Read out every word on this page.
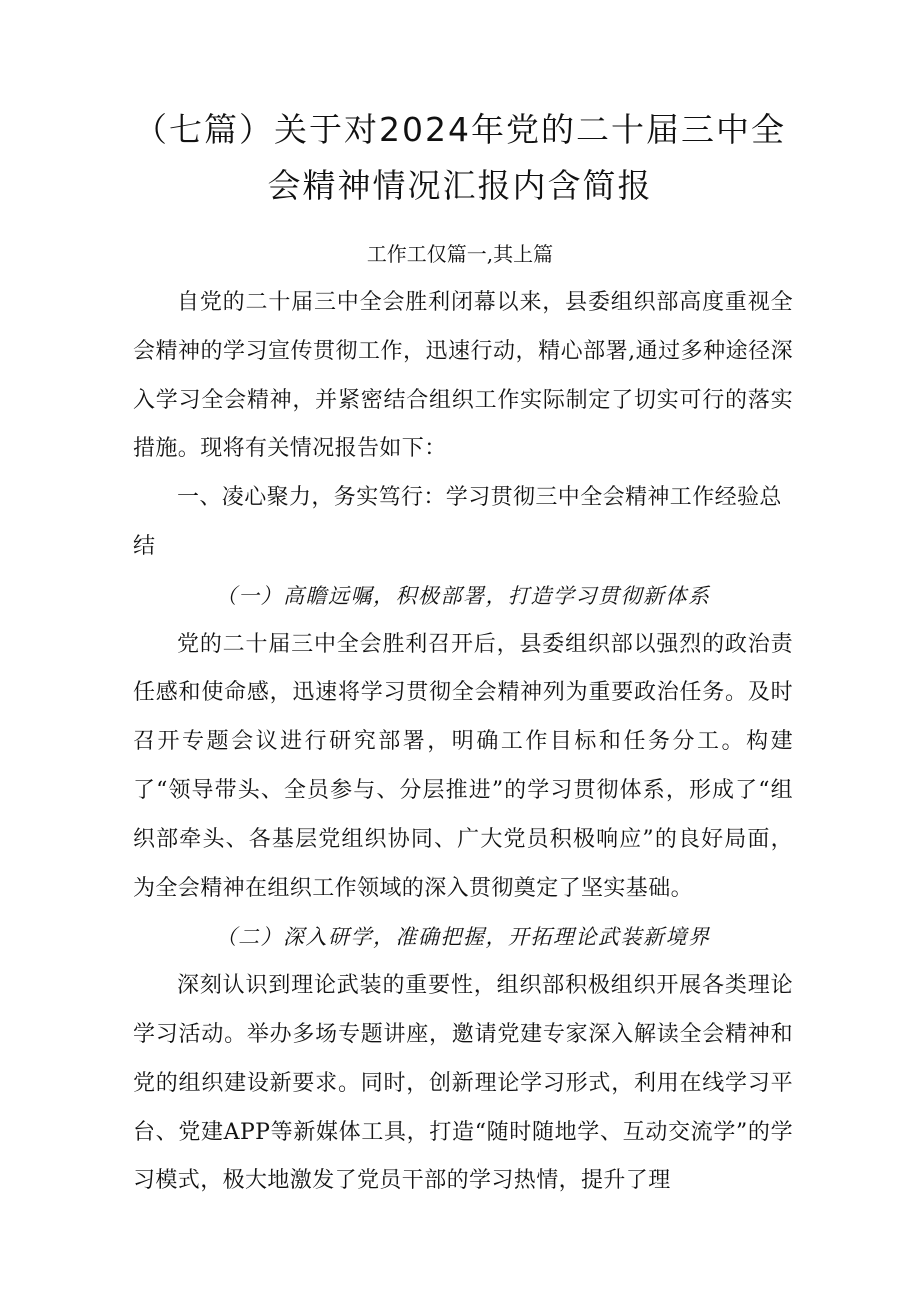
（七篇）关于对2024年党的二十届三中全
会精神情况汇报内含简报
工作工仅篇一,其上篇

自党的二十届三中全会胜利闭幕以来，县委组织部高度重视全会精神的学习宣传贯彻工作，迅速行动，精心部署,通过多种途径深入学习全会精神，并紧密结合组织工作实际制定了切实可行的落实措施。现将有关情况报告如下：

一、凌心聚力，务实笃行：学习贯彻三中全会精神工作经验总结

（一）高瞻远嘱，积极部署，打造学习贯彻新体系

党的二十届三中全会胜利召开后，县委组织部以强烈的政治责任感和使命感，迅速将学习贯彻全会精神列为重要政治任务。及时召开专题会议进行研究部署，明确工作目标和任务分工。构建了“领导带头、全员参与、分层推进”的学习贯彻体系，形成了“组织部牵头、各基层党组织协同、广大党员积极响应”的良好局面，为全会精神在组织工作领域的深入贯彻奠定了坚实基础。

（二）深入研学，准确把握，开拓理论武装新境界

深刻认识到理论武装的重要性，组织部积极组织开展各类理论学习活动。举办多场专题讲座，邀请党建专家深入解读全会精神和党的组织建设新要求。同时，创新理论学习形式，利用在线学习平台、党建APP等新媒体工具，打造“随时随地学、互动交流学”的学习模式，极大地激发了党员干部的学习热情，提升了理
